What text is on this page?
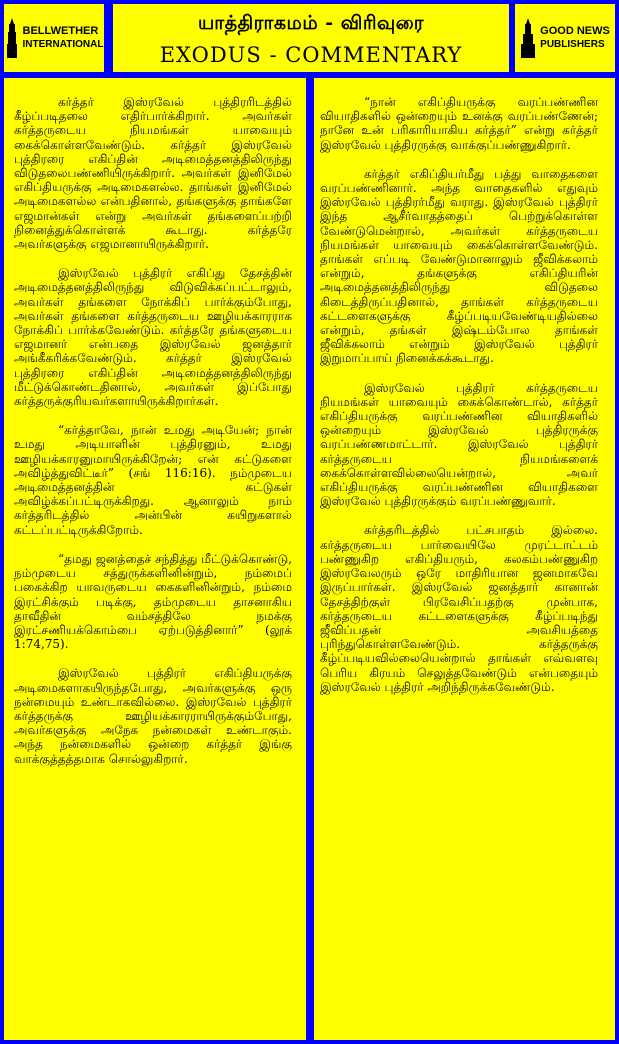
BELLWETHER
INTERNATIONAL
யாத்திராகமம் - விரிவுரை
EXODUS - COMMENTARY
GOOD NEWS
PUBLISHERS

கர்த்தர் இஸ்ரவேல் புத்திரரிடத்தில் கீழ்ப்படிதலை எதிர்பார்க்கிறார். அவர்கள் கர்த்தருடைய நியமங்கள் யாவையும் கைக்கொள்ளவேண்டும். கர்த்தர் இஸ்ரவேல் புத்திரரை எகிப்தின் அடிமைத்தனத்திலிருந்து விடுதலைபண்ணியிருக்கிறார். அவர்கள் இனிமேல் எகிப்தியருக்கு அடிமைகளல்ல. தாங்கள் இனிமேல் அடிமைகளல்ல என்பதினால், தங்களுக்கு தாங்களே எஜமான்கள் என்று அவர்கள் தங்களைப்பற்றி நினைத்துக்கொள்ளக் கூடாது. கர்த்தரே அவர்களுக்கு எஜமானாயிருக்கிறார்.

இஸ்ரவேல் புத்திரர் எகிப்து தேசத்தின் அடிமைத்தனத்திலிருந்து விடுவிக்கப்பட்டாலும், அவர்கள் தங்களை நோக்கிப் பார்க்கும்போது, அவர்கள் தங்களை கர்த்தருடைய ஊழியக்காரராக நோக்கிப் பார்க்கவேண்டும். கர்த்தரே தங்களுடைய எஜமானர் என்பதை இஸ்ரவேல் ஜனத்தார் அங்கீகரிக்கவேண்டும். கர்த்தர் இஸ்ரவேல் புத்திரரை எகிப்தின் அடிமைத்தனத்திலிருந்து மீட்டுக்கொண்டதினால், அவர்கள் இப்போது கர்த்தருக்குரியவர்களாயிருக்கிறார்கள்.

“கர்த்தாவே, நான் உமது அடியேன்; நான் உமது அடியாளின் புத்திரனும், உமது ஊழியக்காரனுமாயிருக்கிறேன்; என் கட்டுகளை அவிழ்த்துவிட்டீர்” (சங் 116:16). நம்முடைய அடிமைத்தனத்தின் கட்டுகள் அவிழ்க்கப்பட்டிருக்கிறது. ஆனாலும் நாம் கர்த்தரிடத்தில் அன்பின் கயிறுகளால் கட்டப்பட்டிருக்கிறோம்.

“தமது ஜனத்தைச் சந்தித்து மீட்டுக்கொண்டு, நம்முடைய சத்துருக்களினின்றும், நம்மைப் பகைக்கிற யாவருடைய கைகளினின்றும், நம்மை இரட்சிக்கும் படிக்கு, தம்முடைய தாசனாகிய தாவீதின் வம்சத்திலே நமக்கு இரட்சணியக்கொம்பை ஏற்படுத்தினார்” (லூக் 1:74,75).

இஸ்ரவேல் புத்திரர் எகிப்தியருக்கு அடிமைகளாகயிருந்தபோது, அவர்களுக்கு ஒரு நன்மையும் உண்டாகவில்லை. இஸ்ரவேல் புத்திரர் கர்த்தருக்கு ஊழியக்காரராயிருக்கும்போது, அவர்களுக்கு அநேக நன்மைகள் உண்டாகும். அந்த நன்மைகளில் ஒன்றை கர்த்தர் இங்கு வாக்குத்தத்தமாக சொல்லுகிறார்.

“நான் எகிப்தியருக்கு வரப்பண்ணின வியாதிகளில் ஒன்றையும் உனக்கு வரப்பண்ணேன்; நானே உன் பரிகாரியாகிய கர்த்தர்” என்று கர்த்தர் இஸ்ரவேல் புத்திரருக்கு வாக்குப்பண்ணுகிறார்.

கர்த்தர் எகிப்தியர்மீது பத்து வாதைகளை வரப்பண்ணினார். அந்த வாதைகளில் எதுவும் இஸ்ரவேல் புத்திரர்மீது வராது. இஸ்ரவேல் புத்திரர் இந்த ஆசீர்வாதத்தைப் பெற்றுக்கொள்ள வேண்டுமென்றால், அவர்கள் கர்த்தருடைய நியமங்கள் யாவையும் கைக்கொள்ளவேண்டும். தாங்கள் எப்படி வேண்டுமானாலும் ஜீவிக்கலாம் என்றும், தங்களுக்கு எகிப்தியரின் அடிமைத்தனத்திலிருந்து விடுதலை கிடைத்திருப்பதினால், தாங்கள் கர்த்தருடைய கட்டளைகளுக்கு கீழ்ப்படியவேண்டியதில்லை என்றும், தங்கள் இஷ்டம்போல தாங்கள் ஜீவிக்கலாம் என்றும் இஸ்ரவேல் புத்திரர் இறுமாப்பாய் நினைக்கக்கூடாது.

இஸ்ரவேல் புத்திரர் கர்த்தருடைய நியமங்கள் யாவையும் கைக்கொண்டால், கர்த்தர் எகிப்தியருக்கு வரப்பண்ணின வியாதிகளில் ஒன்றையும் இஸ்ரவேல் புத்திரருக்கு வரப்பண்ணமாட்டார். இஸ்ரவேல் புத்திரர் கர்த்தருடைய நியமங்களைக் கைக்கொள்ளவில்லையென்றால், அவர் எகிப்தியருக்கு வரப்பண்ணின வியாதிகளை இஸ்ரவேல் புத்திரருக்கும் வரப்பண்ணுவார்.

கர்த்தரிடத்தில் பட்சபாதம் இல்லை. கர்த்தருடைய பார்வையிலே முரட்டாட்டம் பண்ணுகிற எகிப்தியரும், கலகம்பண்ணுகிற இஸ்ரவேலரும் ஒரே மாதிரியான ஜனமாகவே இருப்பார்கள். இஸ்ரவேல் ஜனத்தார் கானான் தேசத்திற்குள் பிரவேசிப்பதற்கு முன்பாக, கர்த்தருடைய கட்டளைகளுக்கு கீழ்ப்படிந்து ஜீவிப்பதன் அவசியத்தை புரிந்துகொள்ளவேண்டும். கர்த்தருக்கு கீழ்ப்படியவில்லையென்றால் தாங்கள் எவ்வளவு பெரிய கிரயம் செலுத்தவேண்டும் என்பதையும் இஸ்ரவேல் புத்திரர் அறிந்திருக்கவேண்டும்.
